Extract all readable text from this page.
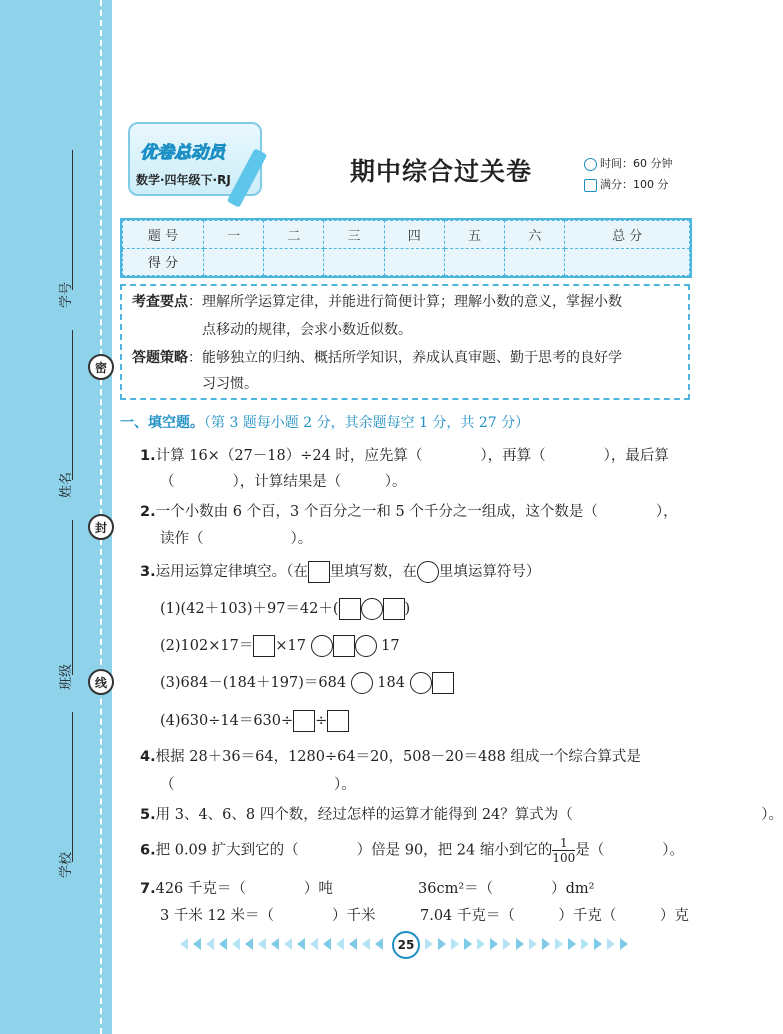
学号
姓名
班级
学校
密
封
线
优卷总动员
数学·四年级下·RJ	期中综合过关卷	时间：60 分钟
满分：100 分
题 号	一	二	三	四	五	六	总 分
得 分							

考查要点：理解所学运算定律，并能进行简便计算；理解小数的意义，掌握小数

点移动的规律，会求小数近似数。

答题策略：能够独立的归纳、概括所学知识，养成认真审题、勤于思考的良好学

习习惯。

一、填空题。（第 3 题每小题 2 分，其余题每空 1 分，共 27 分）
1.计算 16×（27－18）÷24 时，应先算（　　　　），再算（　　　　），最后算
（　　　　），计算结果是（　　　）。
2.一个小数由 6 个百，3 个百分之一和 5 个千分之一组成，这个数是（　　　　），
读作（　　　　　　）。
3.运用运算定律填空。（在 里填写数，在 里填运算符号）
(1)(42＋103)＋97＝42＋(	)
(2)102×17＝ ×17	17
(3)684－(184＋197)＝684 184
(4)630÷14＝630÷ ÷
4.根据 28＋36＝64，1280÷64＝20，508－20＝488 组成一个综合算式是
（　　　　　　　　　　　）。
5.用 3、4、6、8 四个数，经过怎样的运算才能得到 24？算式为（　　　　　　　　　　　　　）。
6.把 0.09 扩大到它的（　　　　）倍是 90，把 24 缩小到它的 $\frac{1}{100}$ 是（　　　　）。
7.426 千克＝（　　　　）吨	36cm²＝（　　　　）dm²
3 千米 12 米＝（　　　　）千米	7.04 千克＝（　　　）千克（　　　）克
25
